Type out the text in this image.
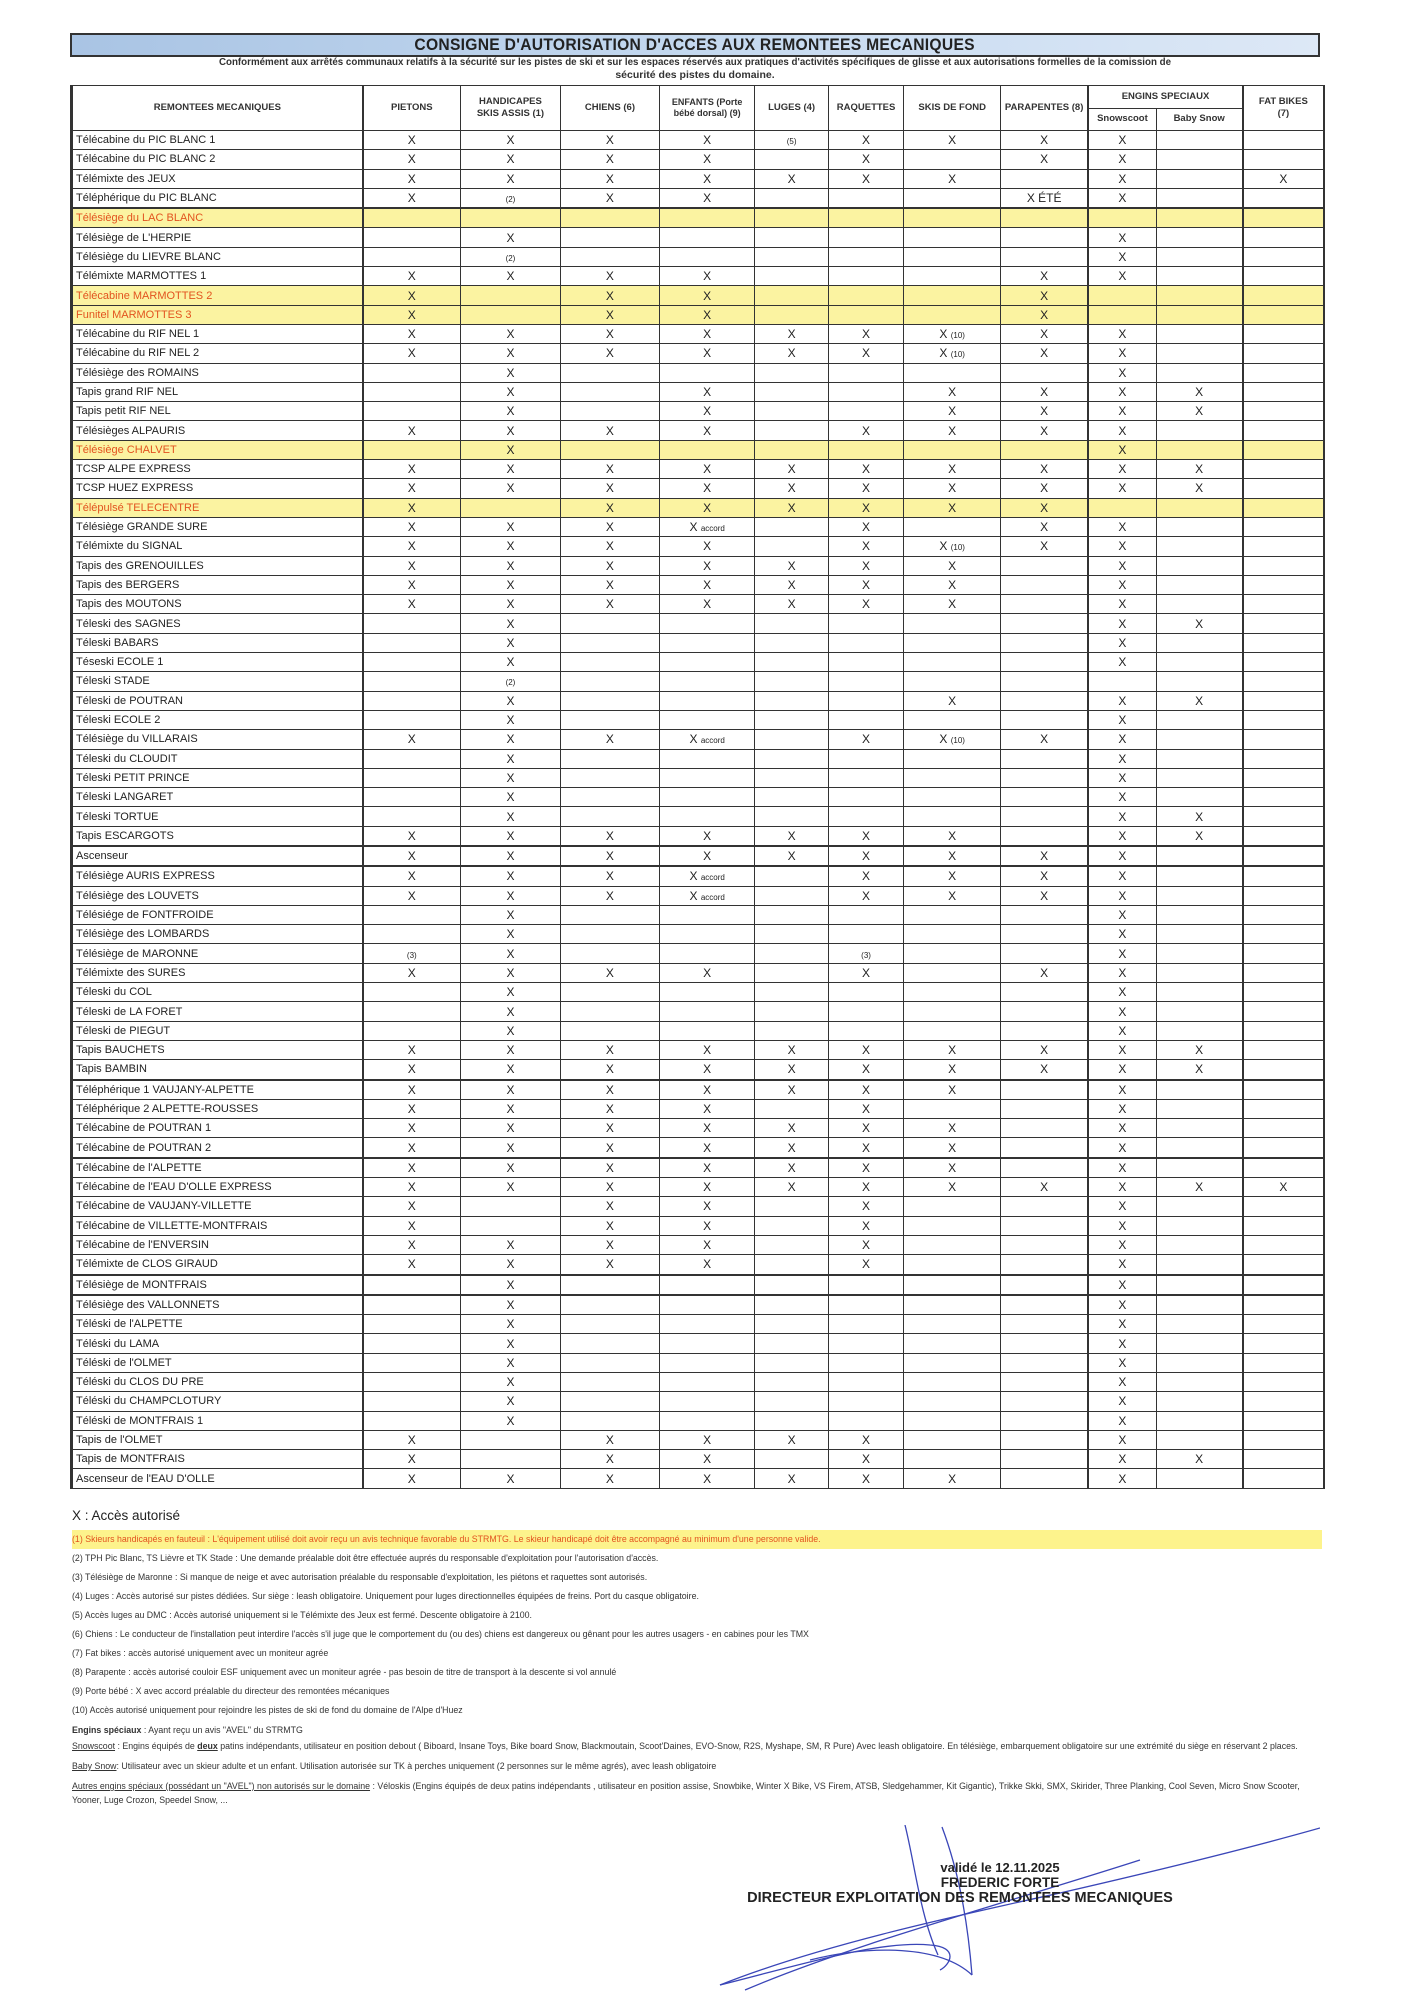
CONSIGNE D'AUTORISATION D'ACCES AUX REMONTEES MECANIQUES
Conformément aux arrêtés communaux relatifs à la sécurité sur les pistes de ski et sur les espaces réservés aux pratiques d'activités spécifiques de glisse et aux autorisations formelles de la comission de
sécurité des pistes du domaine.
REMONTEES MECANIQUES	PIETONS	HANDICAPES SKIS ASSIS (1)	CHIENS (6)	ENFANTS (Porte bébé dorsal) (9)	LUGES (4)	RAQUETTES	SKIS DE FOND	PARAPENTES (8)	ENGINS SPECIAUX		FAT BIKES (7)
									Snowscoot	Baby Snow	
Télécabine du PIC BLANC 1	X	X	X	X	(5)	X	X	X	X		
Télécabine du PIC BLANC 2	X	X	X	X		X		X	X		
Télémixte des JEUX	X	X	X	X	X	X	X		X		X
Téléphérique du PIC BLANC	X	(2)	X	X				X ÉTÉ	X		
Télésiège du LAC BLANC											
Télésiège de L'HERPIE		X							X		
Télésiège du LIEVRE BLANC		(2)							X		
Télémixte MARMOTTES 1	X	X	X	X				X	X		
Télécabine MARMOTTES 2	X		X	X				X			
Funitel MARMOTTES 3	X		X	X				X			
Télécabine du RIF NEL 1	X	X	X	X	X	X	X (10)	X	X		
Télécabine du RIF NEL 2	X	X	X	X	X	X	X (10)	X	X		
Télésiège des ROMAINS		X							X		
Tapis grand RIF NEL		X		X			X	X	X	X	
Tapis petit RIF NEL		X		X			X	X	X	X	
Télésièges ALPAURIS	X	X	X	X		X	X	X	X		
Télésiège CHALVET		X							X		
TCSP ALPE EXPRESS	X	X	X	X	X	X	X	X	X	X	
TCSP HUEZ EXPRESS	X	X	X	X	X	X	X	X	X	X	
Télépulsé TELECENTRE	X		X	X	X	X	X	X			
Télésiège GRANDE SURE	X	X	X	X accord		X		X	X		
Télémixte du SIGNAL	X	X	X	X		X	X (10)	X	X		
Tapis des GRENOUILLES	X	X	X	X	X	X	X		X		
Tapis des BERGERS	X	X	X	X	X	X	X		X		
Tapis des MOUTONS	X	X	X	X	X	X	X		X		
Téleski des SAGNES		X							X	X	
Téleski BABARS		X							X		
Téseski ECOLE 1		X							X		
Téleski STADE		(2)									
Téleski de POUTRAN		X					X		X	X	
Téleski ECOLE 2		X							X		
Télésiège du VILLARAIS	X	X	X	X accord		X	X (10)	X	X		
Téleski du CLOUDIT		X							X		
Téleski PETIT PRINCE		X							X		
Téleski LANGARET		X							X		
Téleski TORTUE		X							X	X	
Tapis ESCARGOTS	X	X	X	X	X	X	X		X	X	
Ascenseur	X	X	X	X	X	X	X	X	X		
Télésiège AURIS EXPRESS	X	X	X	X accord		X	X	X	X		
Télésiège des LOUVETS	X	X	X	X accord		X	X	X	X		
Télésiége de FONTFROIDE		X							X		
Télésiège des LOMBARDS		X							X		
Télésiège de MARONNE	(3)	X				(3)			X		
Télémixte des SURES	X	X	X	X		X		X	X		
Téleski du COL		X							X		
Téleski de LA FORET		X							X		
Téleski de PIEGUT		X							X		
Tapis BAUCHETS	X	X	X	X	X	X	X	X	X	X	
Tapis BAMBIN	X	X	X	X	X	X	X	X	X	X	
Téléphérique 1 VAUJANY-ALPETTE	X	X	X	X	X	X	X		X		
Téléphérique 2 ALPETTE-ROUSSES	X	X	X	X		X			X		
Télécabine de POUTRAN 1	X	X	X	X	X	X	X		X		
Télécabine de POUTRAN 2	X	X	X	X	X	X	X		X		
Télécabine de l'ALPETTE	X	X	X	X	X	X	X		X		
Télécabine de l'EAU D'OLLE EXPRESS	X	X	X	X	X	X	X	X	X	X	X
Télécabine de VAUJANY-VILLETTE	X		X	X		X			X		
Télécabine de VILLETTE-MONTFRAIS	X		X	X		X			X		
Télécabine de l'ENVERSIN	X	X	X	X		X			X		
Télémixte de CLOS GIRAUD	X	X	X	X		X			X		
Télésiège de MONTFRAIS		X							X		
Télésiège des VALLONNETS		X							X		
Téléski de l'ALPETTE		X							X		
Téléski du LAMA		X							X		
Téléski de l'OLMET		X							X		
Téléski du CLOS DU PRE		X							X		
Téléski du CHAMPCLOTURY		X							X		
Téléski de MONTFRAIS 1		X							X		
Tapis de l'OLMET	X		X	X	X	X			X		
Tapis de MONTFRAIS	X		X	X		X			X	X	
Ascenseur de l'EAU D'OLLE	X	X	X	X	X	X	X		X		
X : Accès autorisé
(1) Skieurs handicapés en fauteuil : L'équipement utilisé doit avoir reçu un avis technique favorable du STRMTG. Le skieur handicapé doit être accompagné au minimum d'une personne valide.
(2) TPH Pic Blanc, TS Lièvre et TK Stade : Une demande préalable doit être effectuée auprés du responsable d'exploitation pour l'autorisation d'accès.
(3) Télésiège de Maronne : Si manque de neige et avec autorisation préalable du responsable d'exploitation, les piétons et raquettes sont autorisés.
(4) Luges : Accès autorisé sur pistes dédiées. Sur siège : leash obligatoire. Uniquement pour luges directionnelles équipées de freins. Port du casque obligatoire.
(5) Accès luges au DMC : Accès autorisé uniquement si le Télémixte des Jeux est fermé. Descente obligatoire à 2100.
(6) Chiens : Le conducteur de l'installation peut interdire l'accès s'il juge que le comportement du (ou des) chiens est dangereux ou gênant pour les autres usagers - en cabines pour les TMX
(7) Fat bikes : accès autorisé uniquement avec un moniteur agrée
(8) Parapente : accès autorisé couloir ESF uniquement avec un moniteur agrée - pas besoin de titre de transport à la descente si vol annulé
(9) Porte bébé : X avec accord préalable du directeur des remontées mécaniques
(10) Accès autorisé uniquement pour rejoindre les pistes de ski de fond du domaine de l'Alpe d'Huez
Engins spéciaux : Ayant reçu un avis "AVEL" du STRMTG
Snowscoot : Engins équipés de deux patins indépendants, utilisateur en position debout ( Biboard, Insane Toys, Bike board Snow, Blackmoutain, Scoot'Daines, EVO-Snow, R2S, Myshape, SM, R Pure) Avec leash obligatoire. En télésiège, embarquement obligatoire sur une extrémité du siège en réservant 2 places.
Baby Snow: Utilisateur avec un skieur adulte et un enfant. Utilisation autorisée sur TK à perches uniquement (2 personnes sur le même agrés), avec leash obligatoire
Autres engins spéciaux (possédant un "AVEL") non autorisés sur le domaine : Véloskis (Engins équipés de deux patins indépendants , utilisateur en position assise, Snowbike, Winter X Bike, VS Firem, ATSB, Sledgehammer, Kit Gigantic), Trikke Skki, SMX, Skirider, Three Planking, Cool Seven, Micro Snow Scooter, Yooner, Luge Crozon, Speedel Snow, ...
validé le 12.11.2025
FREDERIC FORTE
DIRECTEUR EXPLOITATION DES REMONTEES MECANIQUES
